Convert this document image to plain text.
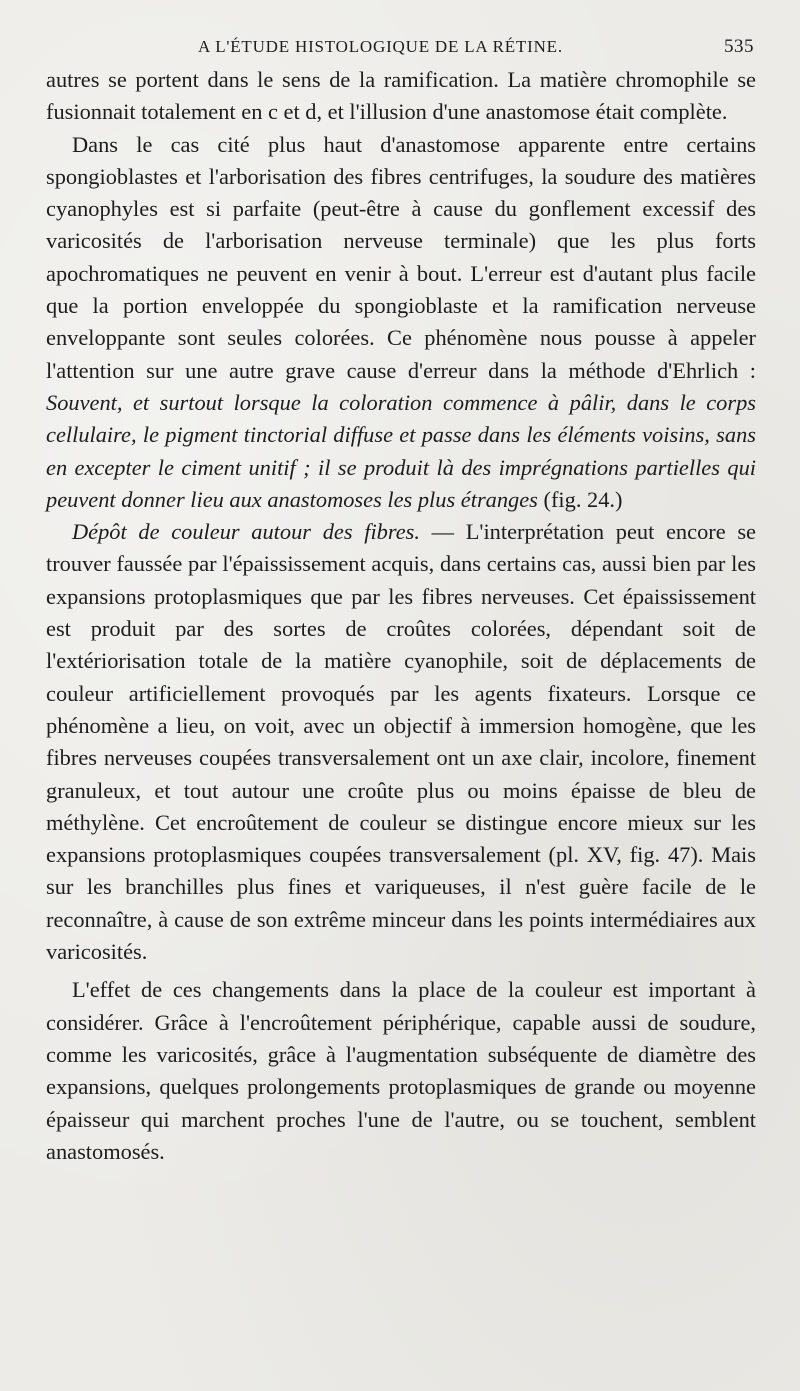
A L'ÉTUDE HISTOLOGIQUE DE LA RÉTINE.	535

autres se portent dans le sens de la ramification. La matière chromophile se fusionnait totalement en c et d, et l'illusion d'une anastomose était complète.

Dans le cas cité plus haut d'anastomose apparente entre certains spongioblastes et l'arborisation des fibres centrifuges, la soudure des matières cyanophyles est si parfaite (peut-être à cause du gonflement excessif des varicosités de l'arborisation nerveuse terminale) que les plus forts apochromatiques ne peuvent en venir à bout. L'erreur est d'autant plus facile que la portion enveloppée du spongioblaste et la ramification nerveuse enveloppante sont seules colorées. Ce phénomène nous pousse à appeler l'attention sur une autre grave cause d'erreur dans la méthode d'Ehrlich : Souvent, et surtout lorsque la coloration commence à pâlir, dans le corps cellulaire, le pigment tinctorial diffuse et passe dans les éléments voisins, sans en excepter le ciment unitif ; il se produit là des imprégnations partielles qui peuvent donner lieu aux anastomoses les plus étranges (fig. 24.)

Dépôt de couleur autour des fibres. — L'interprétation peut encore se trouver faussée par l'épaississement acquis, dans certains cas, aussi bien par les expansions protoplasmiques que par les fibres nerveuses. Cet épaississement est produit par des sortes de croûtes colorées, dépendant soit de l'extériorisation totale de la matière cyanophile, soit de déplacements de couleur artificiellement provoqués par les agents fixateurs. Lorsque ce phénomène a lieu, on voit, avec un objectif à immersion homogène, que les fibres nerveuses coupées transversalement ont un axe clair, incolore, finement granuleux, et tout autour une croûte plus ou moins épaisse de bleu de méthylène. Cet encroûtement de couleur se distingue encore mieux sur les expansions protoplasmiques coupées transversalement (pl. XV, fig. 47). Mais sur les branchilles plus fines et variqueuses, il n'est guère facile de le reconnaître, à cause de son extrême minceur dans les points intermédiaires aux varicosités.

L'effet de ces changements dans la place de la couleur est important à considérer. Grâce à l'encroûtement périphérique, capable aussi de soudure, comme les varicosités, grâce à l'augmentation subséquente de diamètre des expansions, quelques prolongements protoplasmiques de grande ou moyenne épaisseur qui marchent proches l'une de l'autre, ou se touchent, semblent anastomosés.
